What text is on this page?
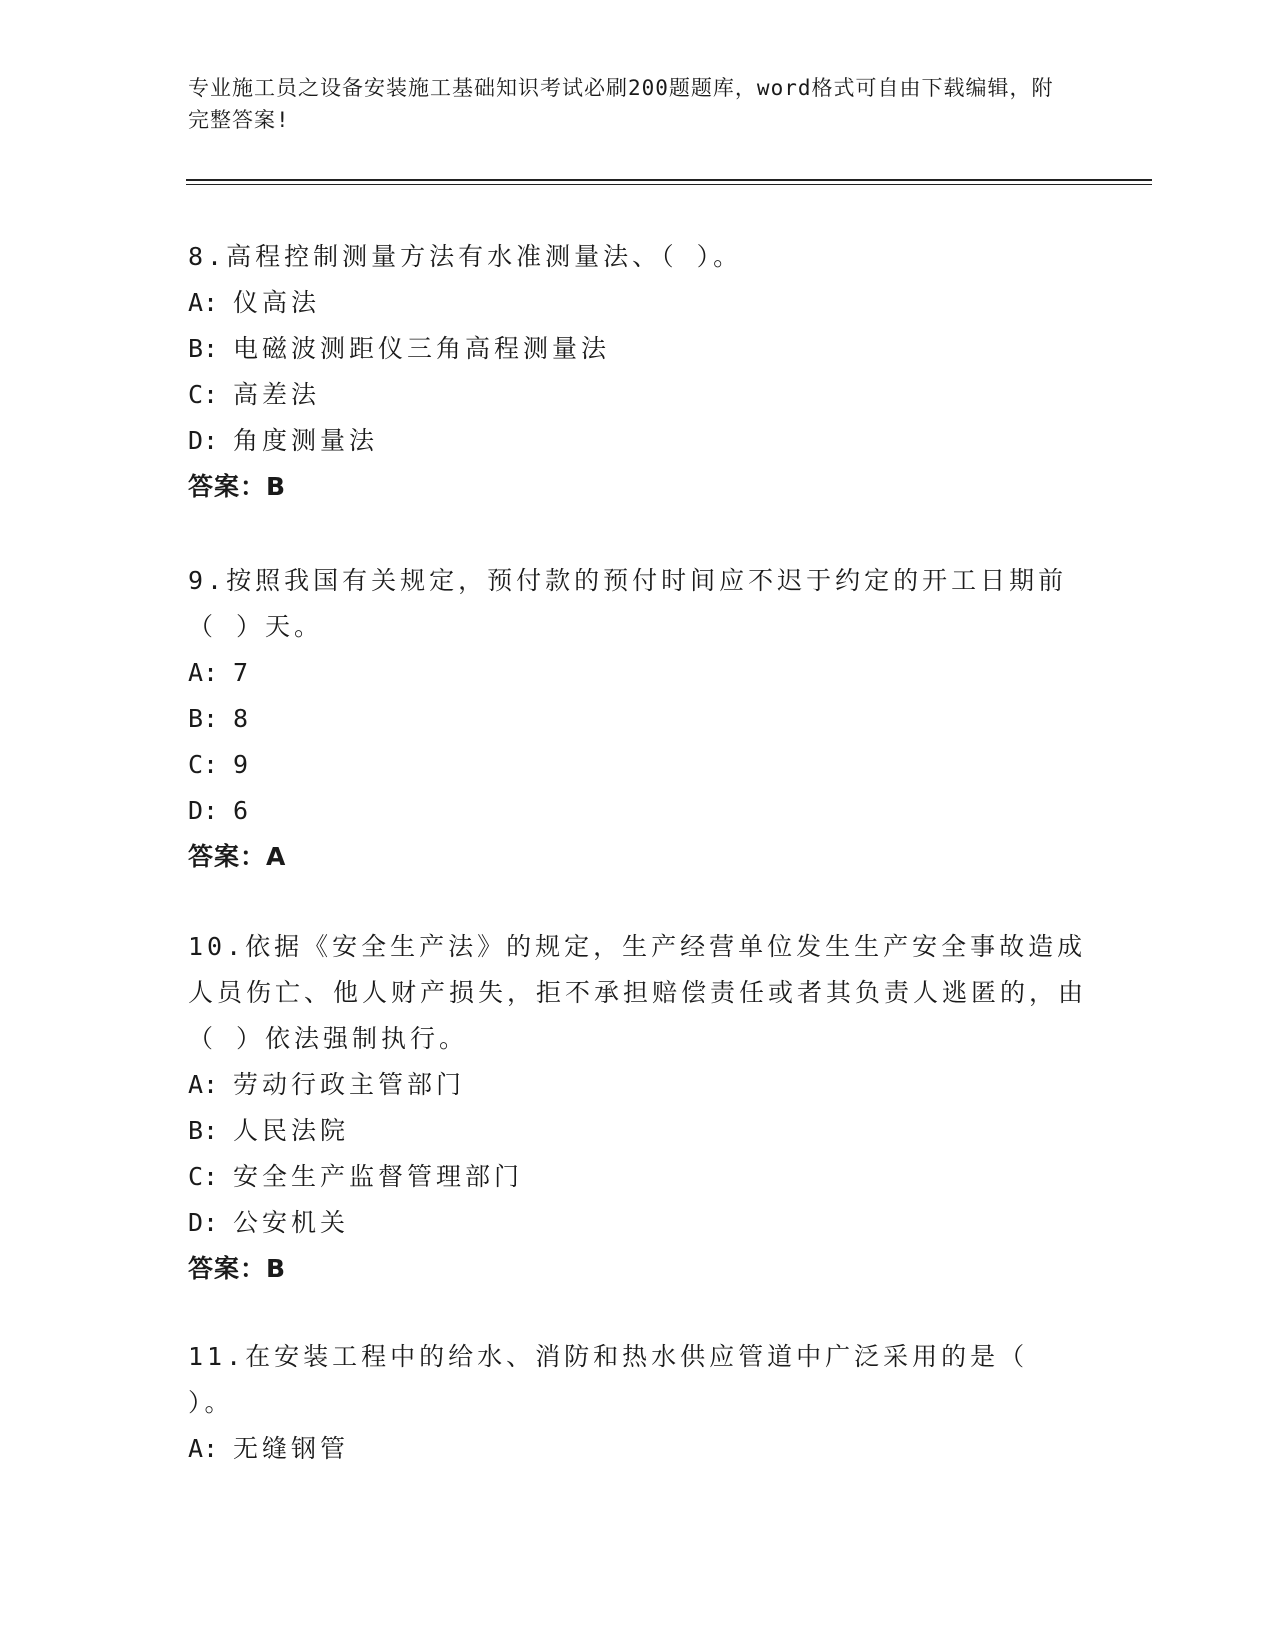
专业施工员之设备安装施工基础知识考试必刷200题题库，word格式可自由下载编辑，附完整答案!
8.高程控制测量方法有水准测量法、（ ）。
A: 仪高法
B: 电磁波测距仪三角高程测量法
C: 高差法
D: 角度测量法
答案：B
9.按照我国有关规定，预付款的预付时间应不迟于约定的开工日期前（ ）天。
A: 7
B: 8
C: 9
D: 6
答案：A
10.依据《安全生产法》的规定，生产经营单位发生生产安全事故造成人员伤亡、他人财产损失，拒不承担赔偿责任或者其负责人逃匿的，由（ ）依法强制执行。
A: 劳动行政主管部门
B: 人民法院
C: 安全生产监督管理部门
D: 公安机关
答案：B
11.在安装工程中的给水、消防和热水供应管道中广泛采用的是（ ）。
A: 无缝钢管
